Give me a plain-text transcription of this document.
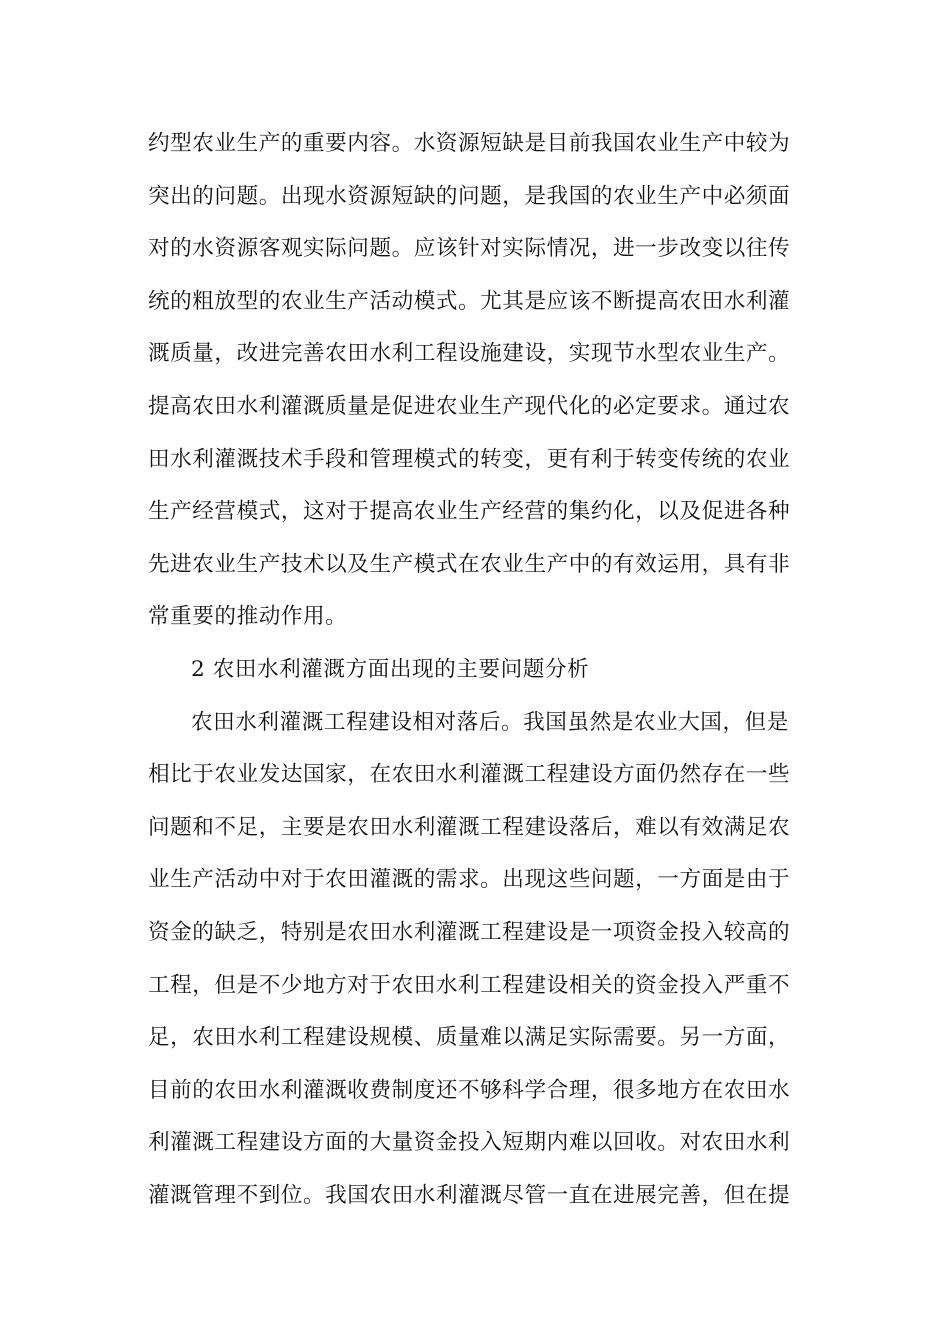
约型农业生产的重要内容。水资源短缺是目前我国农业生产中较为
突出的问题。出现水资源短缺的问题，是我国的农业生产中必须面
对的水资源客观实际问题。应该针对实际情况，进一步改变以往传
统的粗放型的农业生产活动模式。尤其是应该不断提高农田水利灌
溉质量，改进完善农田水利工程设施建设，实现节水型农业生产。
提高农田水利灌溉质量是促进农业生产现代化的必定要求。通过农
田水利灌溉技术手段和管理模式的转变，更有利于转变传统的农业
生产经营模式，这对于提高农业生产经营的集约化，以及促进各种
先进农业生产技术以及生产模式在农业生产中的有效运用，具有非
常重要的推动作用。
2 农田水利灌溉方面出现的主要问题分析
农田水利灌溉工程建设相对落后。我国虽然是农业大国，但是
相比于农业发达国家，在农田水利灌溉工程建设方面仍然存在一些
问题和不足，主要是农田水利灌溉工程建设落后，难以有效满足农
业生产活动中对于农田灌溉的需求。出现这些问题，一方面是由于
资金的缺乏，特别是农田水利灌溉工程建设是一项资金投入较高的
工程，但是不少地方对于农田水利工程建设相关的资金投入严重不
足，农田水利工程建设规模、质量难以满足实际需要。另一方面，
目前的农田水利灌溉收费制度还不够科学合理，很多地方在农田水
利灌溉工程建设方面的大量资金投入短期内难以回收。对农田水利
灌溉管理不到位。我国农田水利灌溉尽管一直在进展完善，但在提
